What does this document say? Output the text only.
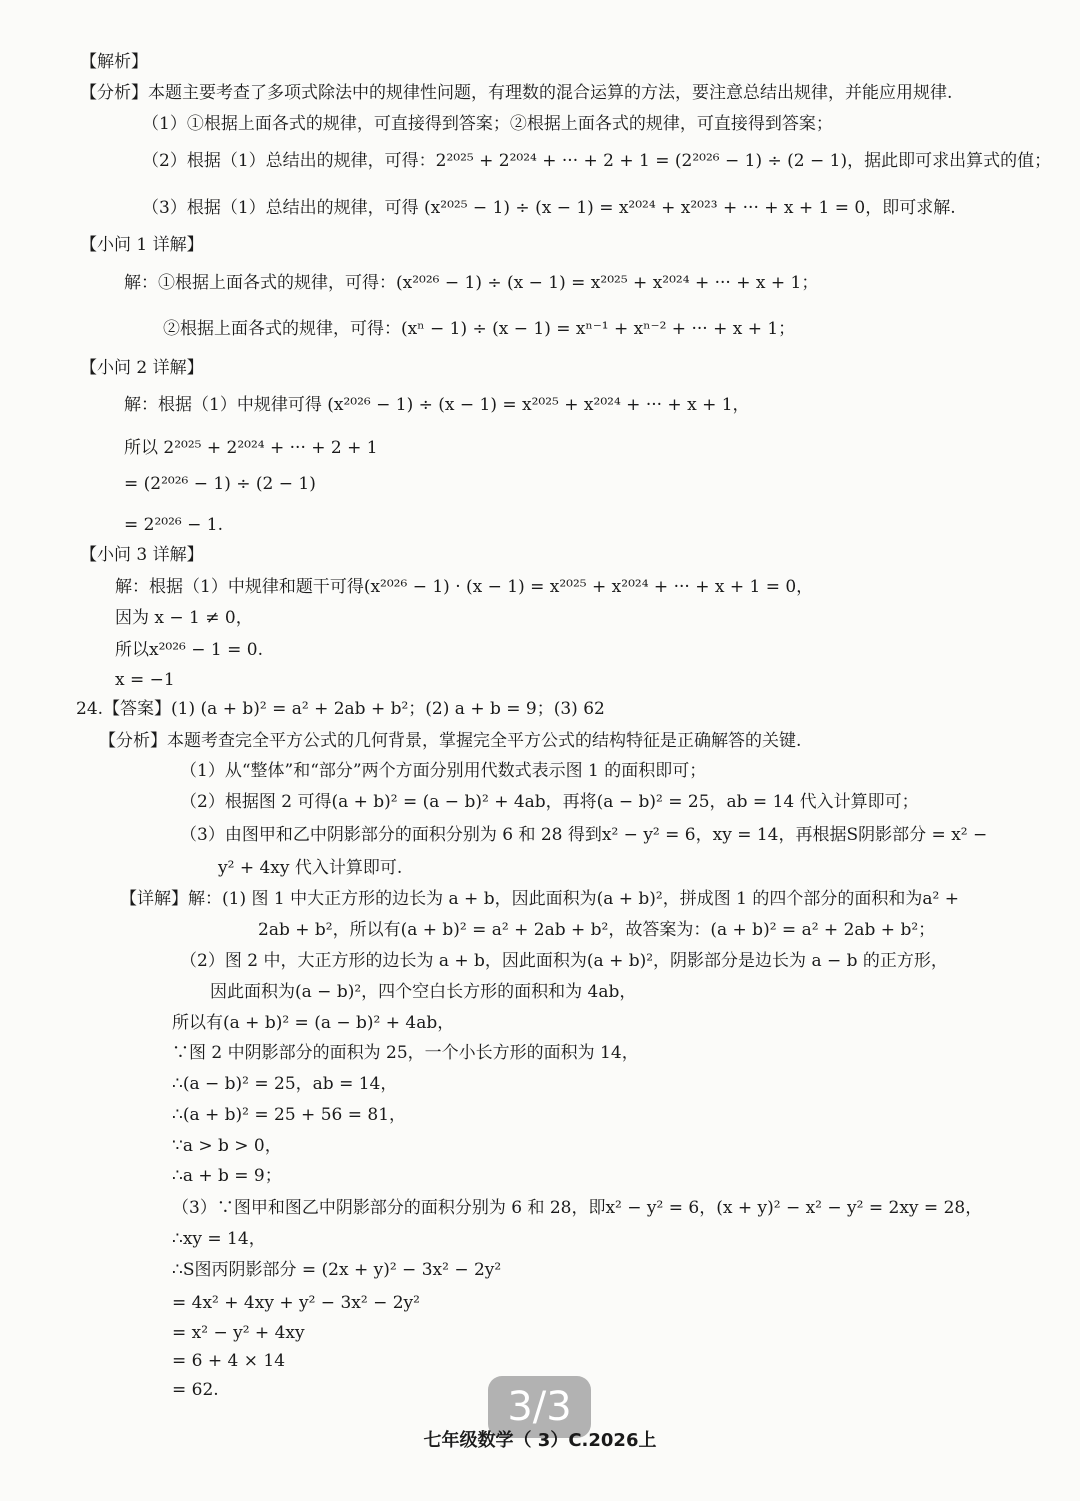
【解析】
【分析】本题主要考查了多项式除法中的规律性问题，有理数的混合运算的方法，要注意总结出规律，并能应用规律.
（1）①根据上面各式的规律，可直接得到答案；②根据上面各式的规律，可直接得到答案；
（2）根据（1）总结出的规律，可得：2²⁰²⁵ + 2²⁰²⁴ + ··· + 2 + 1 = (2²⁰²⁶ − 1) ÷ (2 − 1)，据此即可求出算式的值；
（3）根据（1）总结出的规律，可得 (x²⁰²⁵ − 1) ÷ (x − 1) = x²⁰²⁴ + x²⁰²³ + ··· + x + 1 = 0，即可求解.
【小问 1 详解】
解：①根据上面各式的规律，可得：(x²⁰²⁶ − 1) ÷ (x − 1) = x²⁰²⁵ + x²⁰²⁴ + ··· + x + 1；
②根据上面各式的规律，可得：(xⁿ − 1) ÷ (x − 1) = xⁿ⁻¹ + xⁿ⁻² + ··· + x + 1；
【小问 2 详解】
解：根据（1）中规律可得 (x²⁰²⁶ − 1) ÷ (x − 1) = x²⁰²⁵ + x²⁰²⁴ + ··· + x + 1，
所以 2²⁰²⁵ + 2²⁰²⁴ + ··· + 2 + 1
= (2²⁰²⁶ − 1) ÷ (2 − 1)
= 2²⁰²⁶ − 1.
【小问 3 详解】
解：根据（1）中规律和题干可得(x²⁰²⁶ − 1) · (x − 1) = x²⁰²⁵ + x²⁰²⁴ + ··· + x + 1 = 0，
因为 x − 1 ≠ 0，
所以x²⁰²⁶ − 1 = 0.
x = −1
24.【答案】(1) (a + b)² = a² + 2ab + b²；(2) a + b = 9；(3) 62
【分析】本题考查完全平方公式的几何背景，掌握完全平方公式的结构特征是正确解答的关键.
（1）从“整体”和“部分”两个方面分别用代数式表示图 1 的面积即可；
（2）根据图 2 可得(a + b)² = (a − b)² + 4ab，再将(a − b)² = 25，ab = 14 代入计算即可；
（3）由图甲和乙中阴影部分的面积分别为 6 和 28 得到x² − y² = 6，xy = 14，再根据S阴影部分 = x² −
y² + 4xy 代入计算即可.
【详解】解：(1) 图 1 中大正方形的边长为 a + b，因此面积为(a + b)²，拼成图 1 的四个部分的面积和为a² +
2ab + b²，所以有(a + b)² = a² + 2ab + b²，故答案为：(a + b)² = a² + 2ab + b²；
（2）图 2 中，大正方形的边长为 a + b，因此面积为(a + b)²，阴影部分是边长为 a − b 的正方形，
因此面积为(a − b)²，四个空白长方形的面积和为 4ab，
所以有(a + b)² = (a − b)² + 4ab，
∵图 2 中阴影部分的面积为 25，一个小长方形的面积为 14，
∴(a − b)² = 25，ab = 14，
∴(a + b)² = 25 + 56 = 81，
∵a > b > 0，
∴a + b = 9；
（3）∵图甲和图乙中阴影部分的面积分别为 6 和 28，即x² − y² = 6，(x + y)² − x² − y² = 2xy = 28，
∴xy = 14，
∴S图丙阴影部分 = (2x + y)² − 3x² − 2y²
= 4x² + 4xy + y² − 3x² − 2y²
= x² − y² + 4xy
= 6 + 4 × 14
= 62.	3/3
七年级数学（ 3）C.2026上
